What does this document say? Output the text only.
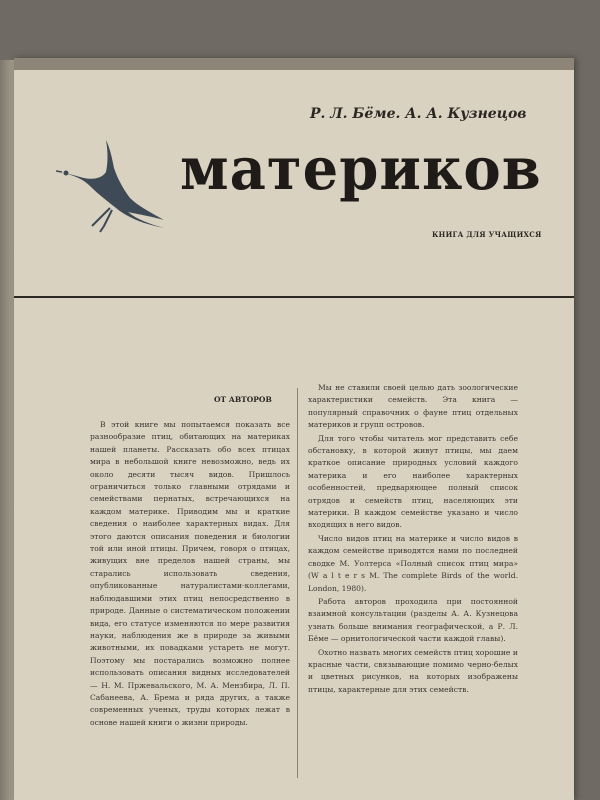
Р. Л. Бёме. А. А. Кузнецов
материков
КНИГА ДЛЯ УЧАЩИХСЯ
ОТ АВТОРОВ

В этой книге мы попытаемся показать все разнообразие птиц, обитающих на материках нашей планеты. Рассказать обо всех птицах мира в небольшой книге невозможно, ведь их около десяти тысяч видов. Пришлось ограничиться только главными отрядами и семействами пернатых, встречающихся на каждом материке. Приводим мы и краткие сведения о наиболее характерных видах. Для этого даются описания поведения и биологии той или иной птицы. Причем, говоря о птицах, живущих вне пределов нашей страны, мы старались использовать сведения, опубликованные натуралистами-коллегами, наблюдавшими этих птиц непосредственно в природе. Данные о систематическом положении вида, его статусе изменяются по мере развития науки, наблюдения же в природе за живыми животными, их повадками устареть не могут. Поэтому мы постарались возможно полнее использовать описания видных исследователей — Н. М. Пржевальского, М. А. Мензбира, Л. П. Сабанеева, А. Брема и ряда других, а также современных ученых, труды которых лежат в основе нашей книги о жизни природы.

Мы не ставили своей целью дать зоологические характеристики семейств. Эта книга — популярный справочник о фауне птиц отдельных материков и групп островов.

Для того чтобы читатель мог представить себе обстановку, в которой живут птицы, мы даем краткое описание природных условий каждого материка и его наиболее характерных особенностей, предваряющее полный список отрядов и семейств птиц, населяющих эти материки. В каждом семействе указано и число входящих в него видов.

Число видов птиц на материке и число видов в каждом семействе приводятся нами по последней сводке М. Уолтерса «Полный список птиц мира» (W a l t e r s M. The complete Birds of the world. London, 1980).

Работа авторов проходила при постоянной взаимной консультации (разделы А. А. Кузнецова узнать больше внимания географической, а Р. Л. Бёме — орнитологической части каждой главы).

Охотно назвать многих семейств птиц хорошие и красные части, связывающие помимо черно-белых и цветных рисунков, на которых изображены птицы, характерные для этих семейств.
